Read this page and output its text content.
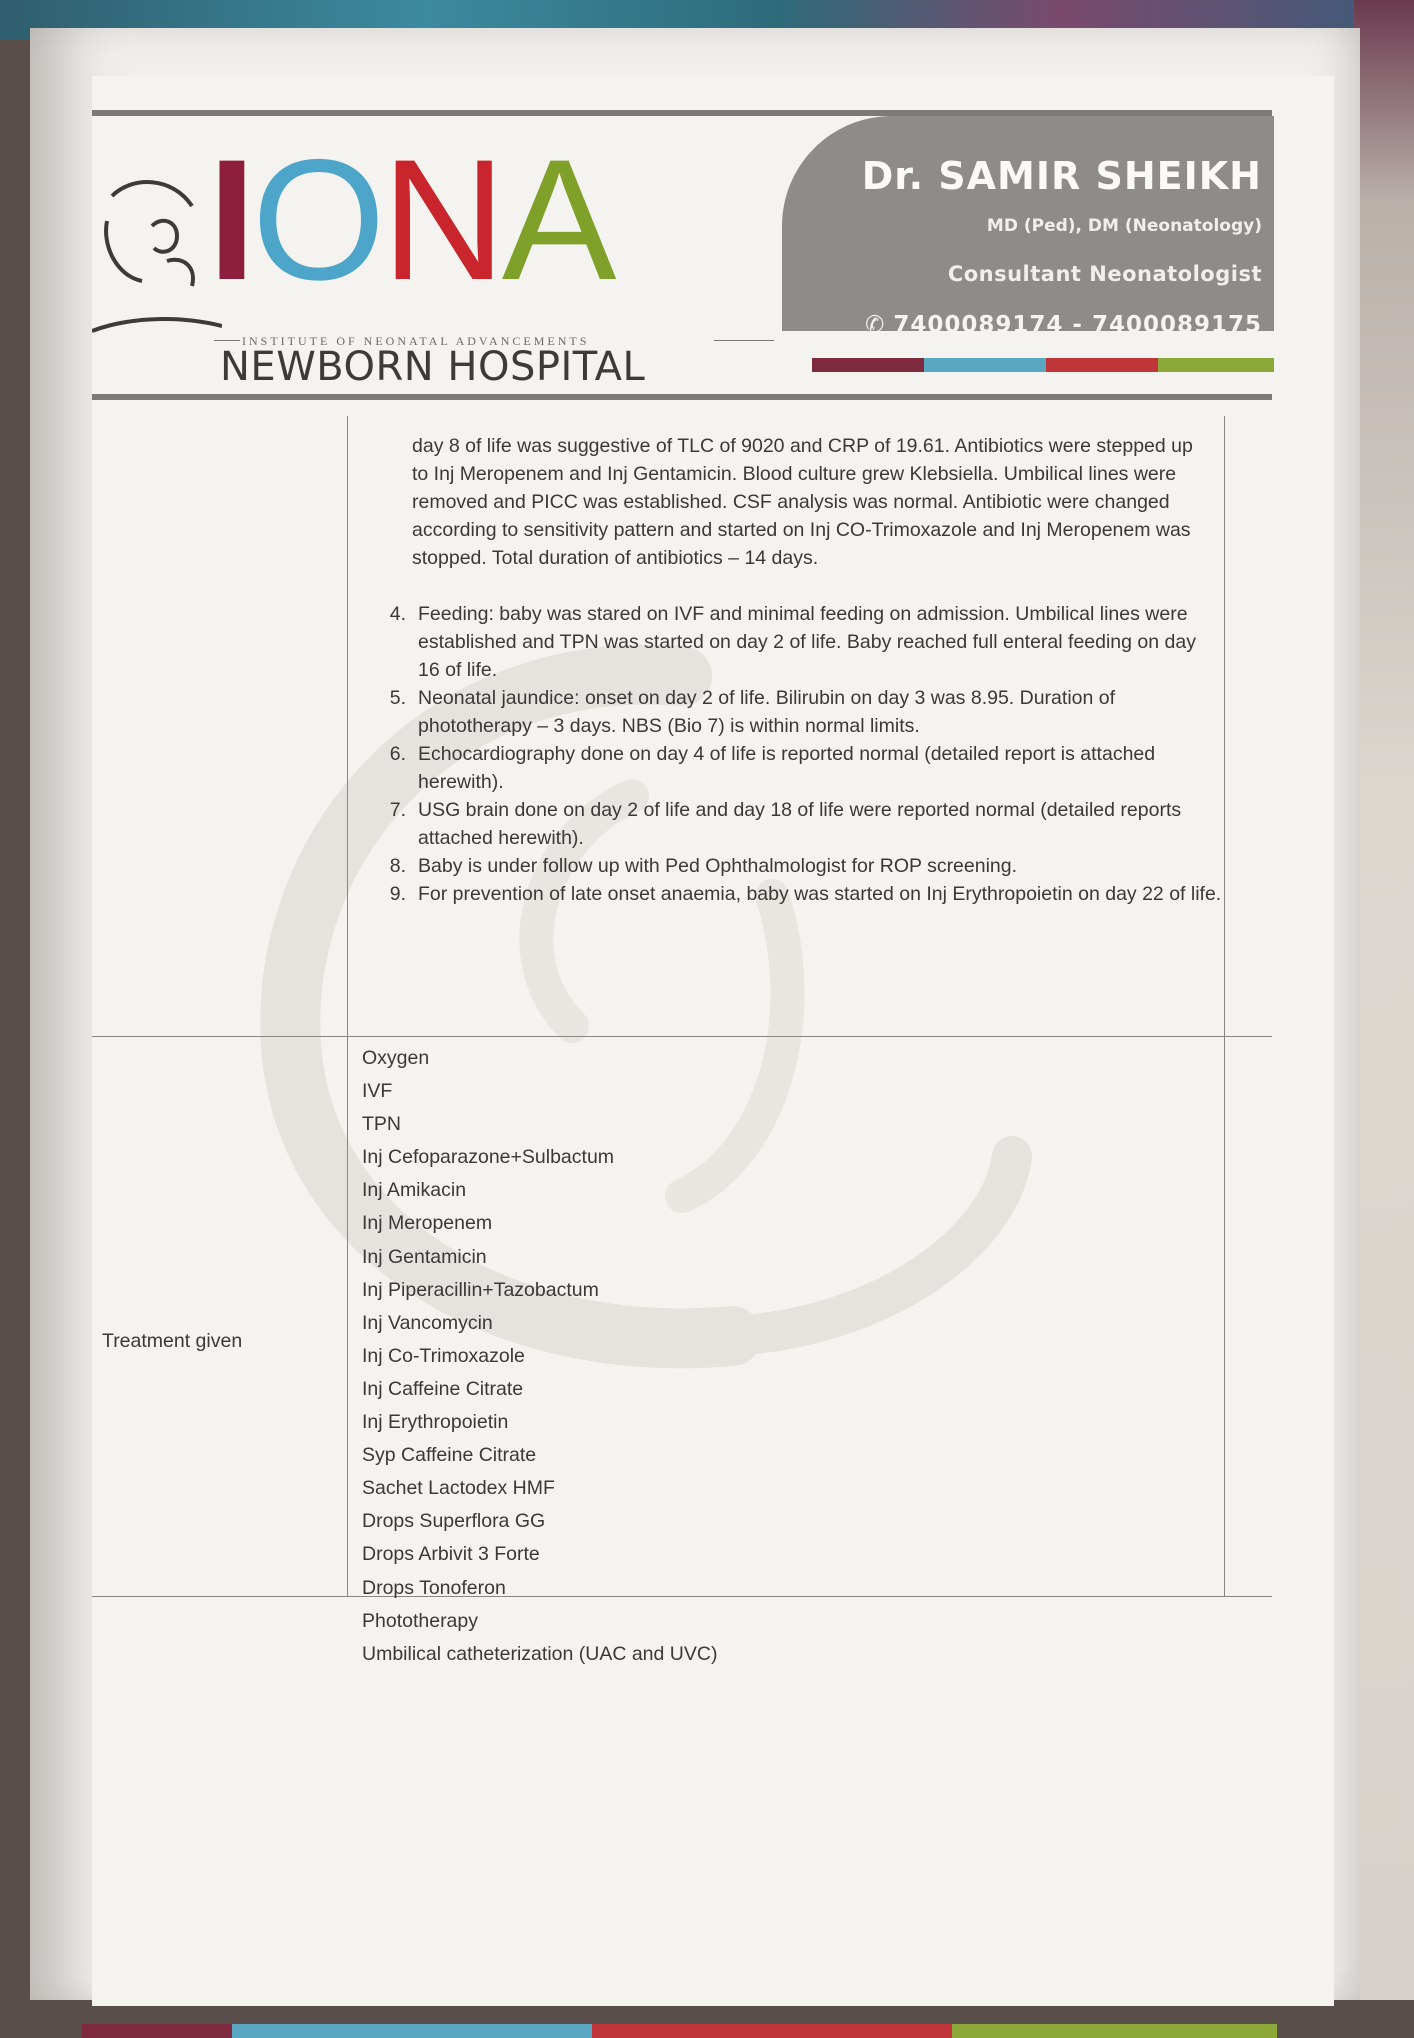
Dr. SAMIR SHEIKH
MD (Ped), DM (Neonatology)
Consultant Neonatologist
✆ 7400089174 - 7400089175
IONA
INSTITUTE OF NEONATAL ADVANCEMENTS
NEWBORN HOSPITAL
day 8 of life was suggestive of TLC of 9020 and CRP of 19.61. Antibiotics were stepped up to Inj Meropenem and Inj Gentamicin. Blood culture grew Klebsiella. Umbilical lines were removed and PICC was established. CSF analysis was normal. Antibiotic were changed according to sensitivity pattern and started on Inj CO-Trimoxazole and Inj Meropenem was stopped. Total duration of antibiotics – 14 days.
4. Feeding: baby was stared on IVF and minimal feeding on admission. Umbilical lines were established and TPN was started on day 2 of life. Baby reached full enteral feeding on day 16 of life.
5. Neonatal jaundice: onset on day 2 of life. Bilirubin on day 3 was 8.95. Duration of phototherapy – 3 days. NBS (Bio 7) is within normal limits.
6. Echocardiography done on day 4 of life is reported normal (detailed report is attached herewith).
7. USG brain done on day 2 of life and day 18 of life were reported normal (detailed reports attached herewith).
8. Baby is under follow up with Ped Ophthalmologist for ROP screening.
9. For prevention of late onset anaemia, baby was started on Inj Erythropoietin on day 22 of life.
Treatment given
Oxygen
IVF
TPN
Inj Cefoparazone+Sulbactum
Inj Amikacin
Inj Meropenem
Inj Gentamicin
Inj Piperacillin+Tazobactum
Inj Vancomycin
Inj Co-Trimoxazole
Inj Caffeine Citrate
Inj Erythropoietin
Syp Caffeine Citrate
Sachet Lactodex HMF
Drops Superflora GG
Drops Arbivit 3 Forte
Drops Tonoferon
Phototherapy
Umbilical catheterization (UAC and UVC)
